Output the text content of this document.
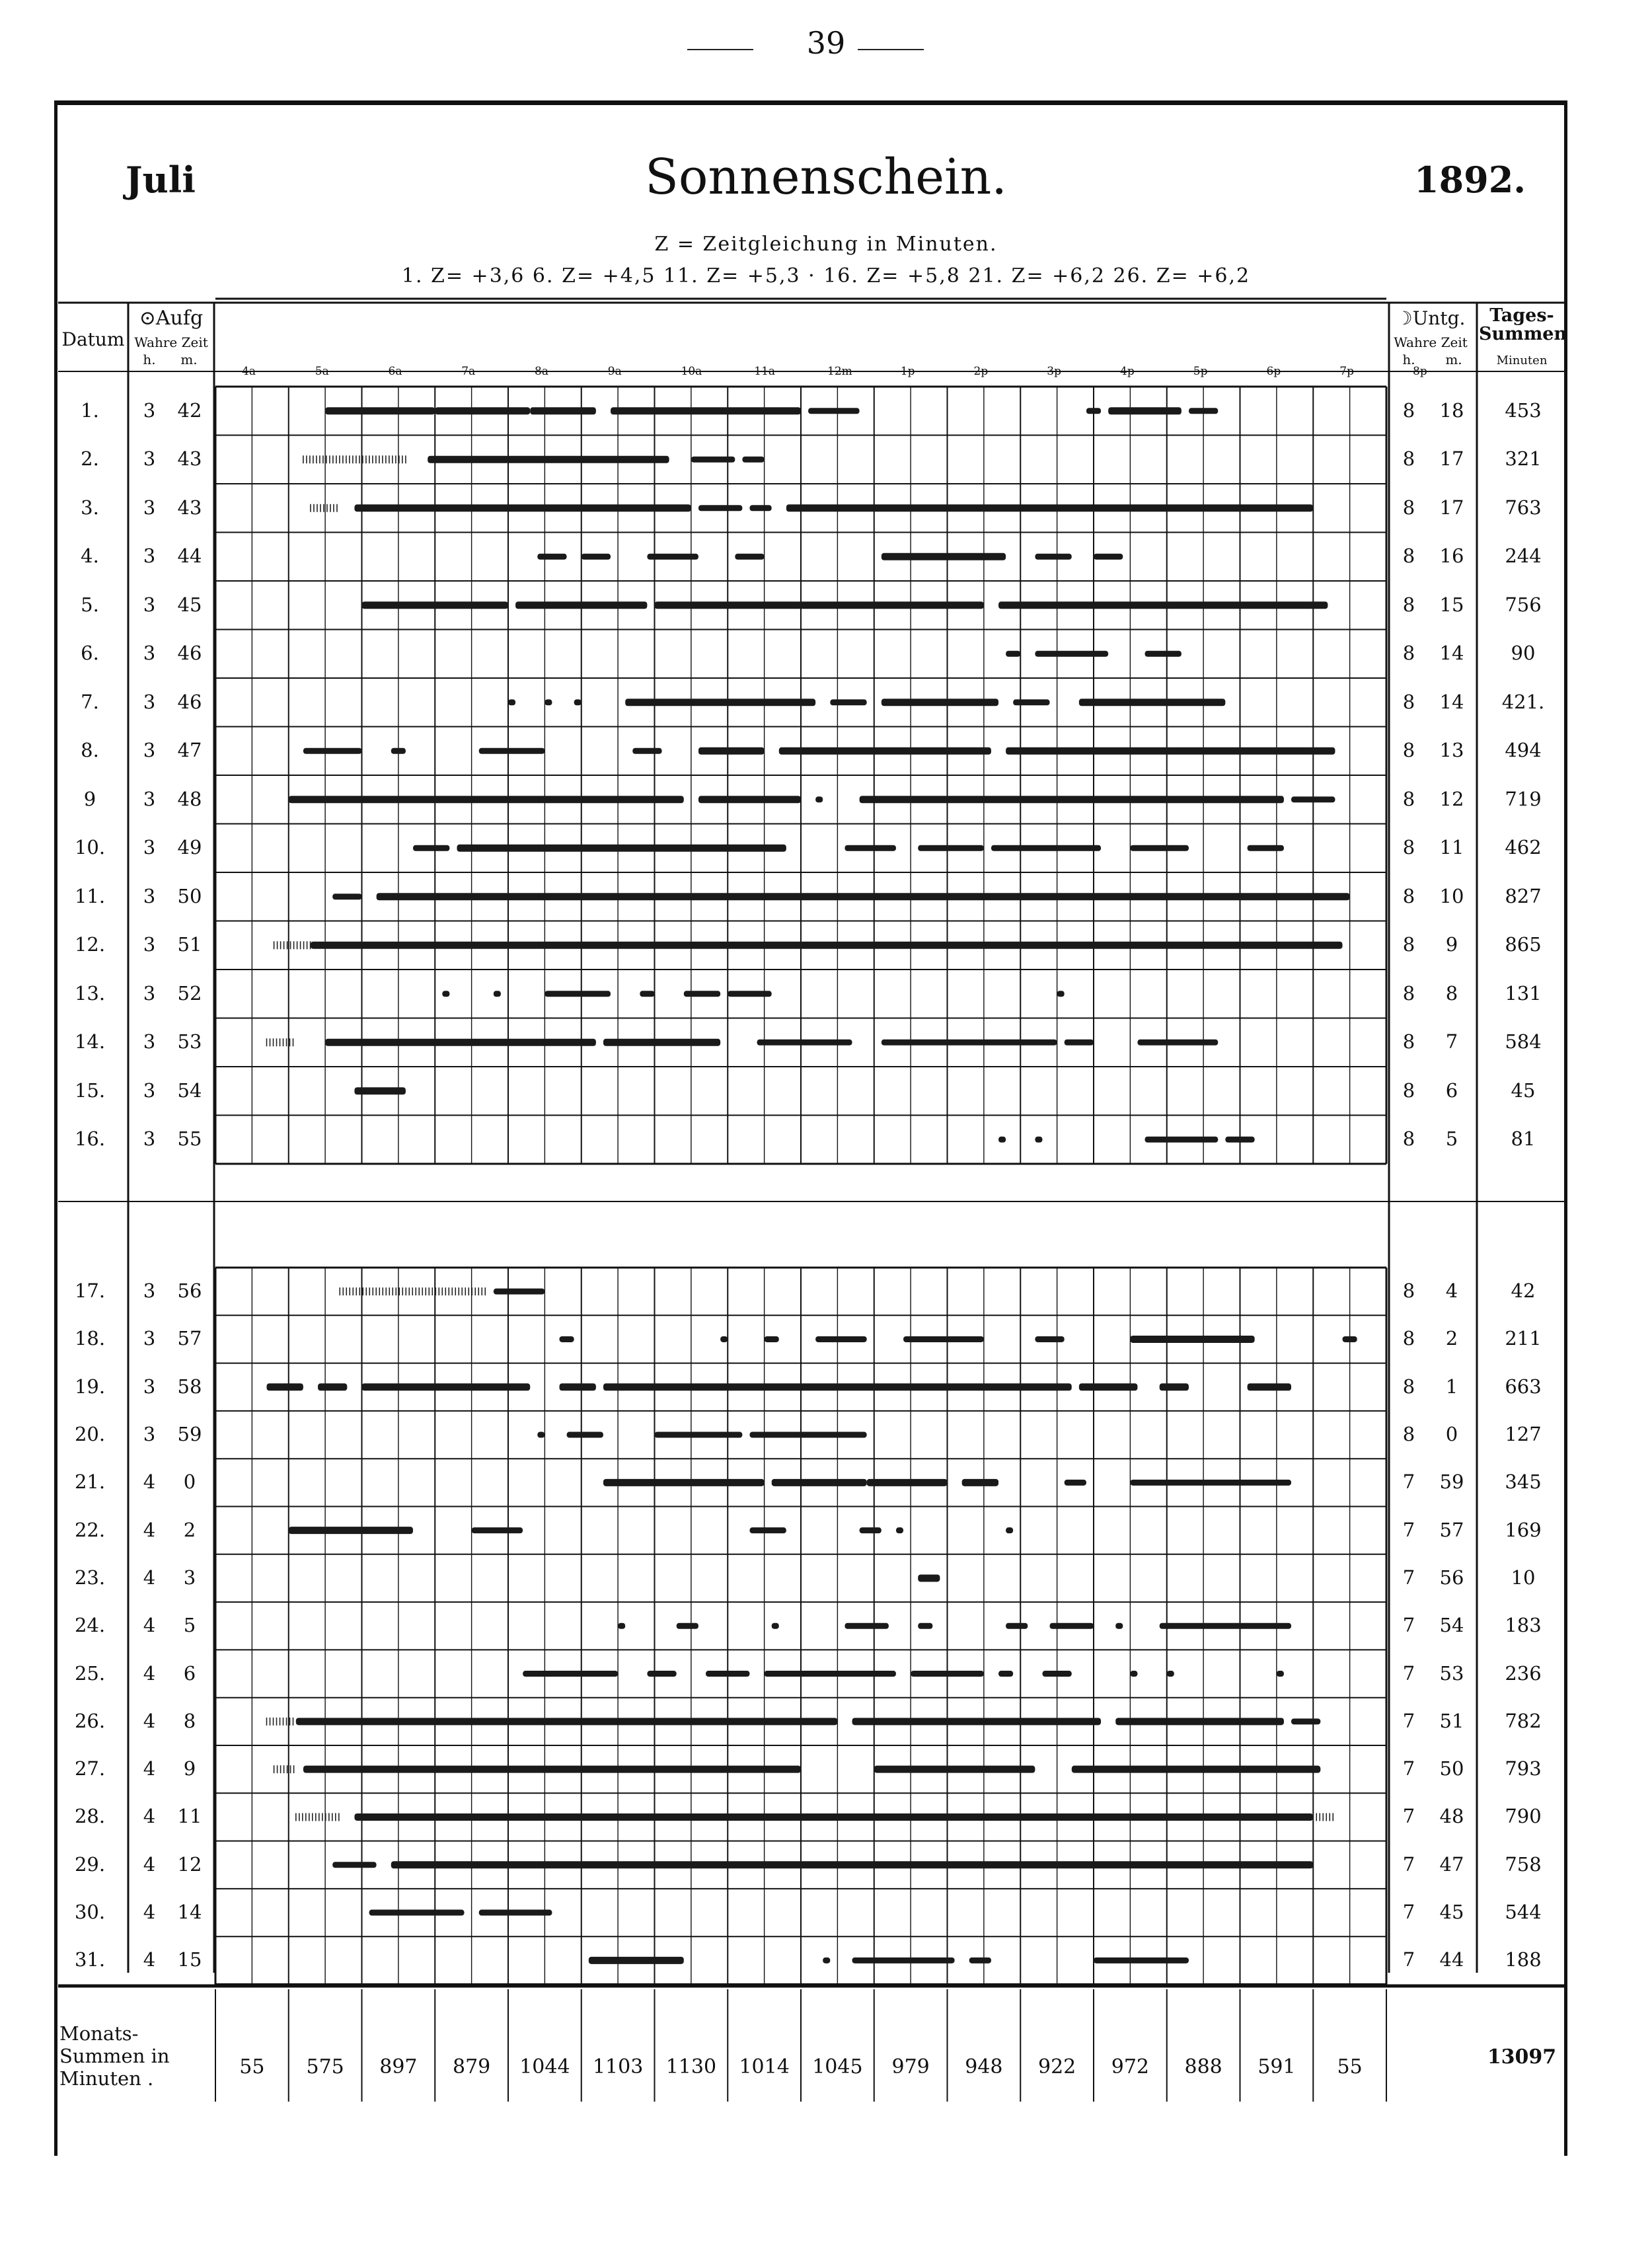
39
Juli	Sonnenschein.	1892.
Z = Zeitgleichung in Minuten.
1. Z= +3,6 6. Z= +4,5 11. Z= +5,3 · 16. Z= +5,8 21. Z= +6,2 26. Z= +6,2
Datum
⊙Aufg
Wahre Zeit
h.	m.
☽Untg.
Wahre Zeit
h.	m.
Tages-Summen
Minuten
4a	5a	6a	7a	8a	9a	10a	11a	12m	1p	2p	3p	4p	5p	6p	7p	8p
1.	3	42	8	18	453
2.	3	43	8	17	321
3.	3	43	8	17	763
4.	3	44	8	16	244
5.	3	45	8	15	756
6.	3	46	8	14	90
7.	3	46	8	14	421.
8.	3	47	8	13	494
9	3	48	8	12	719
10.	3	49	8	11	462
11.	3	50	8	10	827
12.	3	51	8	9	865
13.	3	52	8	8	131
14.	3	53	8	7	584
15.	3	54	8	6	45
16.	3	55	8	5	81
17.	3	56	8	4	42
18.	3	57	8	2	211
19.	3	58	8	1	663
20.	3	59	8	0	127
21.	4	0	7	59	345
22.	4	2	7	57	169
23.	4	3	7	56	10
24.	4	5	7	54	183
25.	4	6	7	53	236
26.	4	8	7	51	782
27.	4	9	7	50	793
28.	4	11	7	48	790
29.	4	12	7	47	758
30.	4	14	7	45	544
31.	4	15	7	44	188
Monats-Summen in Minuten .	55	575	897	879	1044	1103	1130	1014	1045	979	948	922	972	888	591	55	13097
